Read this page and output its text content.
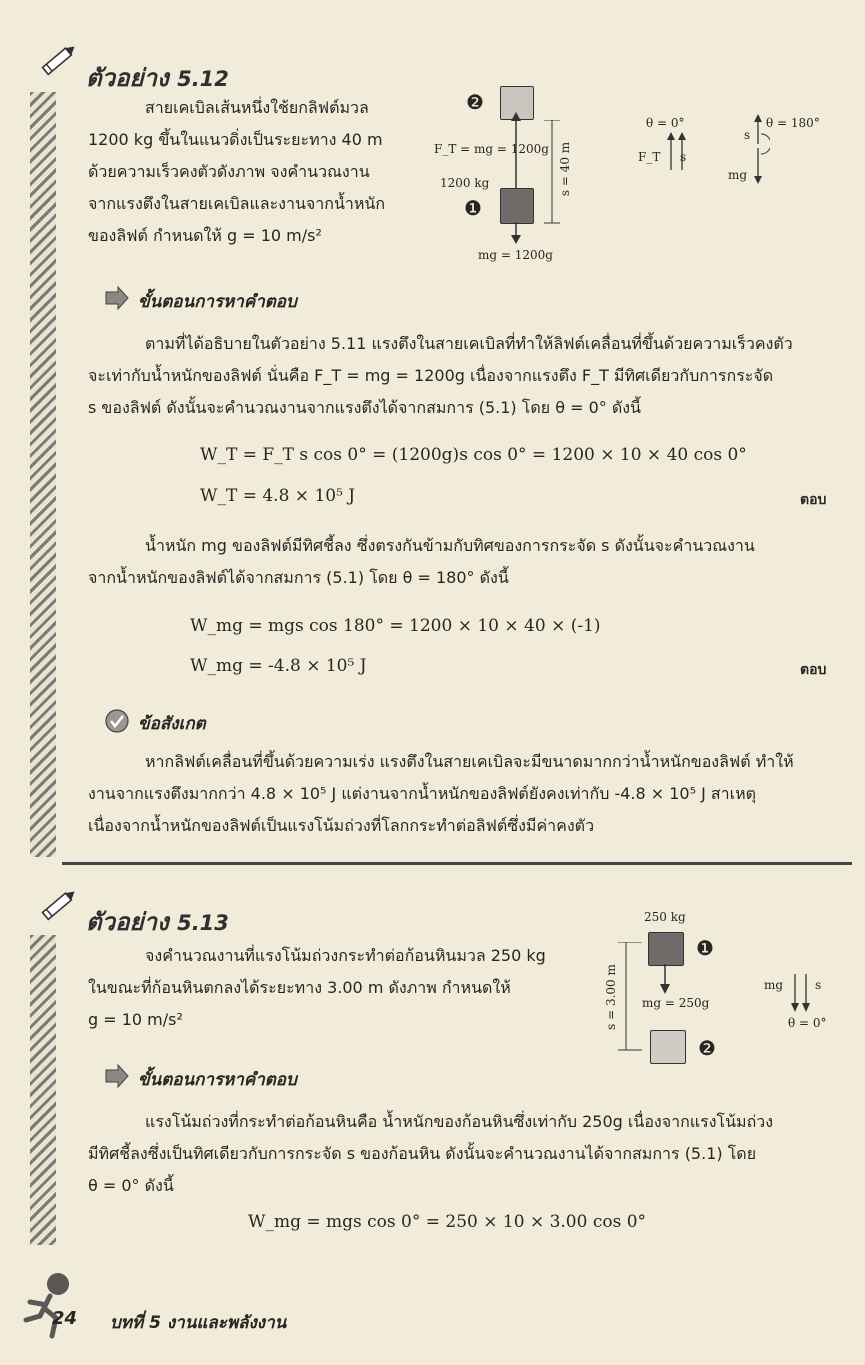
ตัวอย่าง 5.12
สายเคเบิลเส้นหนึ่งใช้ยกลิฟต์มวล
1200 kg ขึ้นในแนวดิ่งเป็นระยะทาง 40 m
ด้วยความเร็วคงตัวดังภาพ จงคำนวณงาน
จากแรงตึงในสายเคเบิลและงานจากน้ำหนัก
ของลิฟต์ กำหนดให้ g = 10 m/s²
❷
F_T = mg = 1200g
1200 kg
❶
mg = 1200g
s = 40 m
θ = 0°
F_T s
s
θ = 180°
mg
ขั้นตอนการหาคำตอบ
ตามที่ได้อธิบายในตัวอย่าง 5.11 แรงตึงในสายเคเบิลที่ทำให้ลิฟต์เคลื่อนที่ขึ้นด้วยความเร็วคงตัว
จะเท่ากับน้ำหนักของลิฟต์ นั่นคือ F_T = mg = 1200g เนื่องจากแรงตึง F_T มีทิศเดียวกับการกระจัด
s ของลิฟต์ ดังนั้นจะคำนวณงานจากแรงตึงได้จากสมการ (5.1) โดย θ = 0° ดังนี้
W_T = F_T s cos 0° = (1200g)s cos 0° = 1200 × 10 × 40 cos 0°
W_T = 4.8 × 10⁵ J	ตอบ
น้ำหนัก mg ของลิฟต์มีทิศชี้ลง ซึ่งตรงกันข้ามกับทิศของการกระจัด s ดังนั้นจะคำนวณงาน
จากน้ำหนักของลิฟต์ได้จากสมการ (5.1) โดย θ = 180° ดังนี้
W_mg = mgs cos 180° = 1200 × 10 × 40 × (-1)
W_mg = -4.8 × 10⁵ J	ตอบ
ข้อสังเกต
หากลิฟต์เคลื่อนที่ขึ้นด้วยความเร่ง แรงตึงในสายเคเบิลจะมีขนาดมากกว่าน้ำหนักของลิฟต์ ทำให้
งานจากแรงตึงมากกว่า 4.8 × 10⁵ J แต่งานจากน้ำหนักของลิฟต์ยังคงเท่ากับ -4.8 × 10⁵ J สาเหตุ
เนื่องจากน้ำหนักของลิฟต์เป็นแรงโน้มถ่วงที่โลกกระทำต่อลิฟต์ซึ่งมีค่าคงตัว
ตัวอย่าง 5.13
จงคำนวณงานที่แรงโน้มถ่วงกระทำต่อก้อนหินมวล 250 kg
ในขณะที่ก้อนหินตกลงได้ระยะทาง 3.00 m ดังภาพ กำหนดให้
g = 10 m/s²
250 kg
❶
mg = 250g
s = 3.00 m
❷
mg	s
θ = 0°
ขั้นตอนการหาคำตอบ
แรงโน้มถ่วงที่กระทำต่อก้อนหินคือ น้ำหนักของก้อนหินซึ่งเท่ากับ 250g เนื่องจากแรงโน้มถ่วง
มีทิศชี้ลงซึ่งเป็นทิศเดียวกับการกระจัด s ของก้อนหิน ดังนั้นจะคำนวณงานได้จากสมการ (5.1) โดย
θ = 0° ดังนี้
W_mg = mgs cos 0° = 250 × 10 × 3.00 cos 0°
24 บทที่ 5 งานและพลังงาน
